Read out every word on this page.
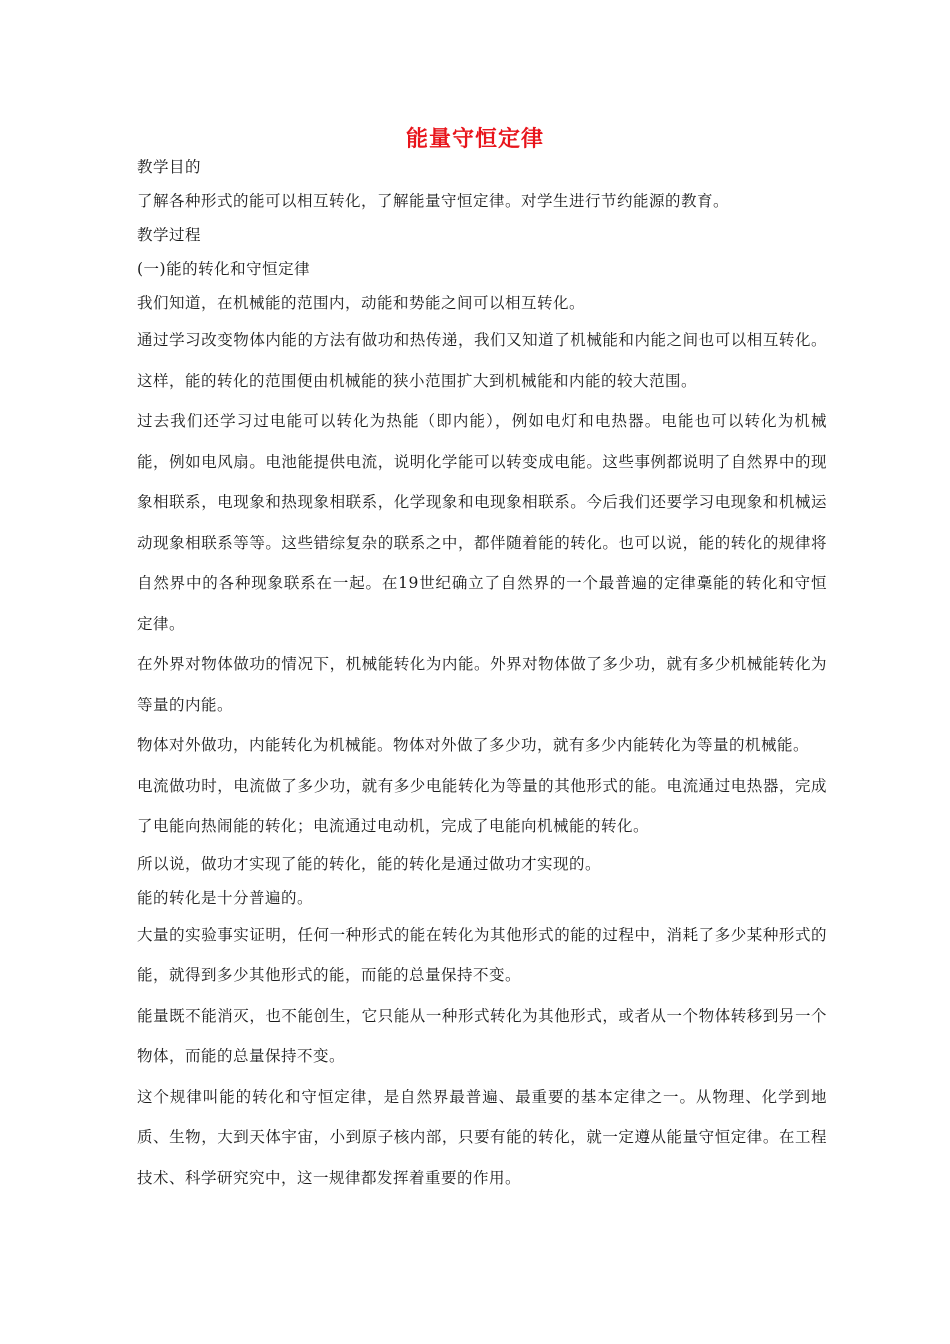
能量守恒定律

教学目的

了解各种形式的能可以相互转化，了解能量守恒定律。对学生进行节约能源的教育。

教学过程

(一)能的转化和守恒定律

我们知道，在机械能的范围内，动能和势能之间可以相互转化。

通过学习改变物体内能的方法有做功和热传递，我们又知道了机械能和内能之间也可以相互转化。这样，能的转化的范围便由机械能的狭小范围扩大到机械能和内能的较大范围。

过去我们还学习过电能可以转化为热能（即内能），例如电灯和电热器。电能也可以转化为机械能，例如电风扇。电池能提供电流，说明化学能可以转变成电能。这些事例都说明了自然界中的现象相联系，电现象和热现象相联系，化学现象和电现象相联系。今后我们还要学习电现象和机械运动现象相联系等等。这些错综复杂的联系之中，都伴随着能的转化。也可以说，能的转化的规律将自然界中的各种现象联系在一起。在19世纪确立了自然界的一个最普遍的定律稾能的转化和守恒定律。

在外界对物体做功的情况下，机械能转化为内能。外界对物体做了多少功，就有多少机械能转化为等量的内能。

物体对外做功，内能转化为机械能。物体对外做了多少功，就有多少内能转化为等量的机械能。

电流做功时，电流做了多少功，就有多少电能转化为等量的其他形式的能。电流通过电热器，完成了电能向热闹能的转化；电流通过电动机，完成了电能向机械能的转化。

所以说，做功才实现了能的转化，能的转化是通过做功才实现的。

能的转化是十分普遍的。

大量的实验事实证明，任何一种形式的能在转化为其他形式的能的过程中，消耗了多少某种形式的能，就得到多少其他形式的能，而能的总量保持不变。

能量既不能消灭，也不能创生，它只能从一种形式转化为其他形式，或者从一个物体转移到另一个物体，而能的总量保持不变。

这个规律叫能的转化和守恒定律，是自然界最普遍、最重要的基本定律之一。从物理、化学到地质、生物，大到天体宇宙，小到原子核内部，只要有能的转化，就一定遵从能量守恒定律。在工程技术、科学研究究中，这一规律都发挥着重要的作用。
